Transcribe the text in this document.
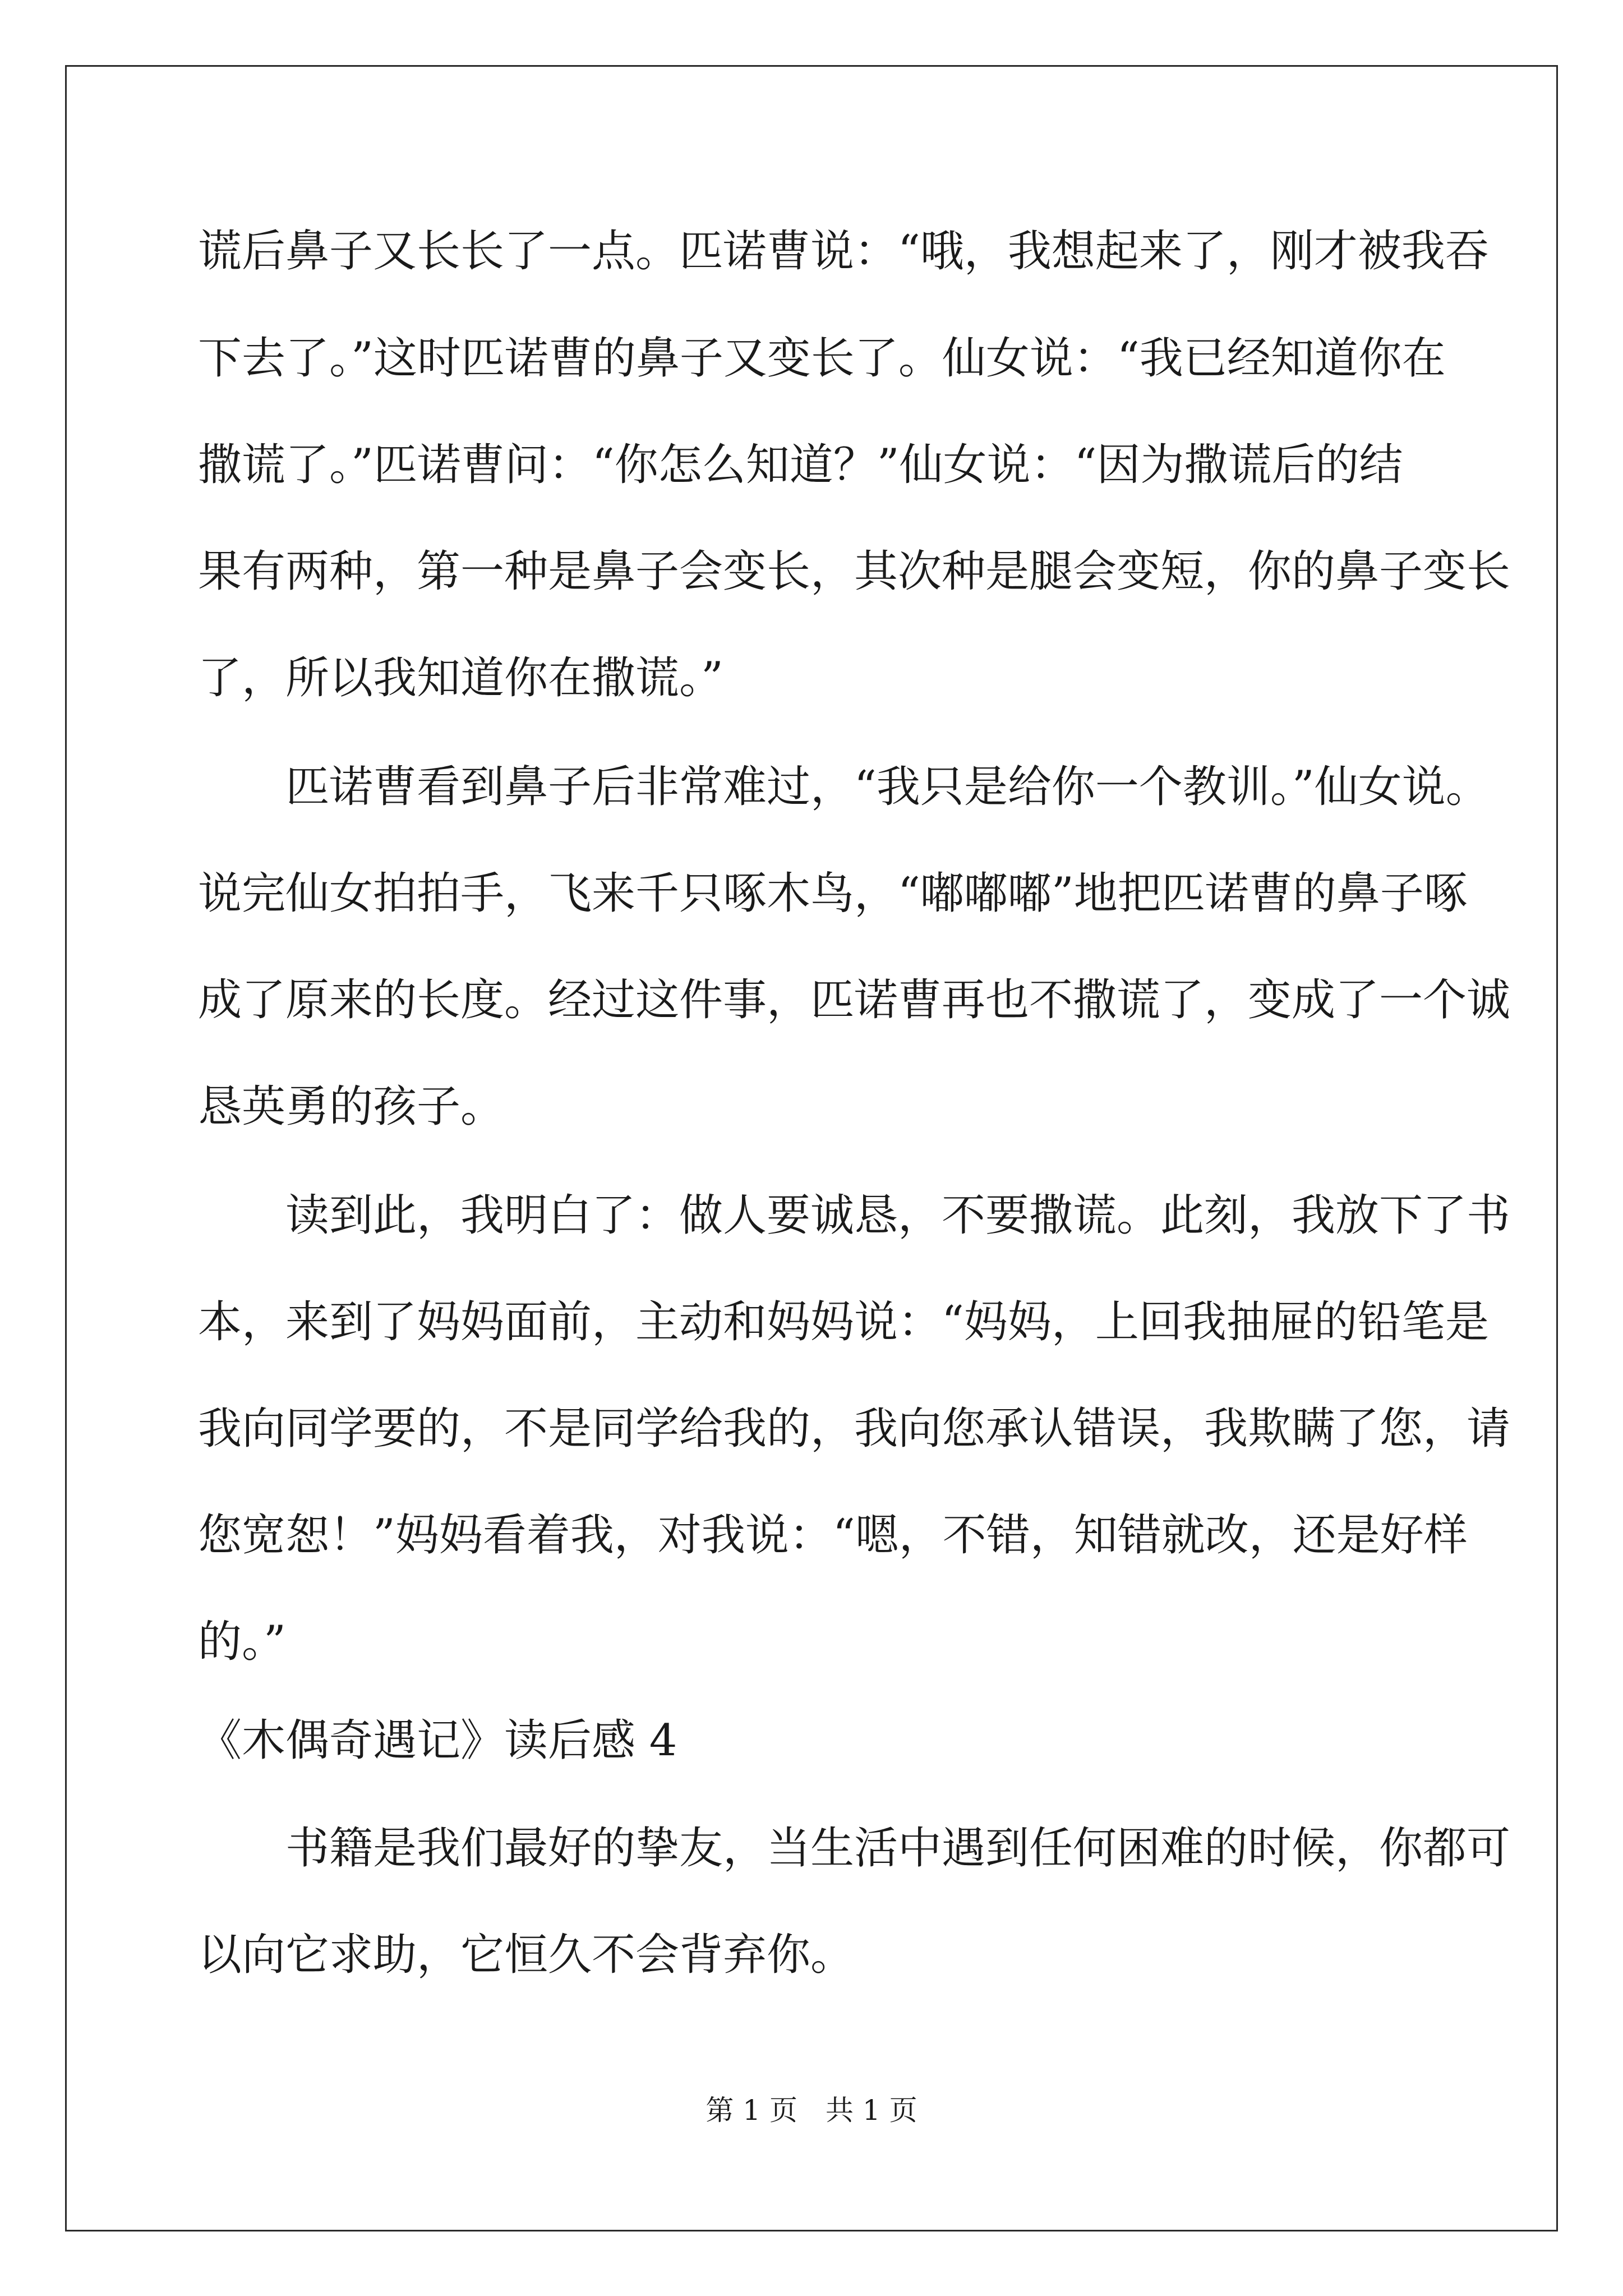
谎后鼻子又长长了一点。匹诺曹说：“哦，我想起来了，刚才被我吞
下去了。”这时匹诺曹的鼻子又变长了。仙女说：“我已经知道你在
撒谎了。”匹诺曹问：“你怎么知道？”仙女说：“因为撒谎后的结
果有两种，第一种是鼻子会变长，其次种是腿会变短，你的鼻子变长
了，所以我知道你在撒谎。”
　　匹诺曹看到鼻子后非常难过，“我只是给你一个教训。”仙女说。
说完仙女拍拍手，飞来千只啄木鸟，“嘟嘟嘟”地把匹诺曹的鼻子啄
成了原来的长度。经过这件事，匹诺曹再也不撒谎了，变成了一个诚
恳英勇的孩子。
　　读到此，我明白了：做人要诚恳，不要撒谎。此刻，我放下了书
本，来到了妈妈面前，主动和妈妈说：“妈妈，上回我抽屉的铅笔是
我向同学要的，不是同学给我的，我向您承认错误，我欺瞒了您，请
您宽恕！”妈妈看着我，对我说：“嗯，不错，知错就改，还是好样
的。”
《木偶奇遇记》读后感 4
　　书籍是我们最好的挚友，当生活中遇到任何困难的时候，你都可
以向它求助，它恒久不会背弃你。
第 1 页　共 1 页
